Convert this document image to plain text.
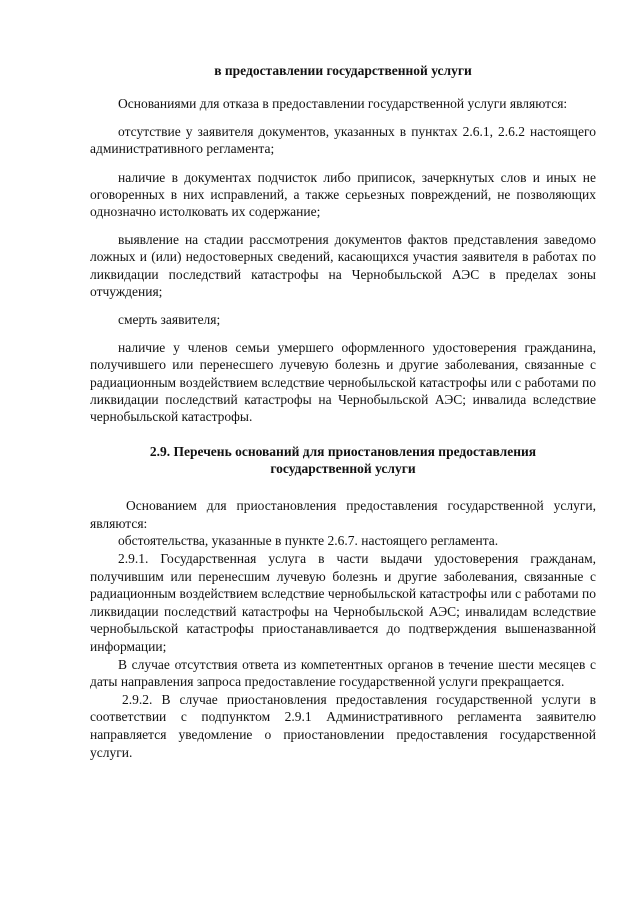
в предоставлении государственной услуги

Основаниями для отказа в предоставлении государственной услуги являются:

отсутствие у заявителя документов, указанных в пунктах 2.6.1, 2.6.2 настоящего административного регламента;

наличие в документах подчисток либо приписок, зачеркнутых слов и иных не оговоренных в них исправлений, а также серьезных повреждений, не позволяющих однозначно истолковать их содержание;

выявление на стадии рассмотрения документов фактов представления заведомо ложных и (или) недостоверных сведений, касающихся участия заявителя в работах по ликвидации последствий катастрофы на Чернобыльской АЭС в пределах зоны отчуждения;

смерть заявителя;

наличие у членов семьи умершего оформленного удостоверения гражданина, получившего или перенесшего лучевую болезнь и другие заболевания, связанные с радиационным воздействием вследствие чернобыльской катастрофы или с работами по ликвидации последствий катастрофы на Чернобыльской АЭС; инвалида вследствие чернобыльской катастрофы.

2.9. Перечень оснований для приостановления предоставления государственной услуги

Основанием для приостановления предоставления государственной услуги, являются:

обстоятельства, указанные в пункте 2.6.7. настоящего регламента.

2.9.1. Государственная услуга в части выдачи удостоверения гражданам, получившим или перенесшим лучевую болезнь и другие заболевания, связанные с радиационным воздействием вследствие чернобыльской катастрофы или с работами по ликвидации последствий катастрофы на Чернобыльской АЭС; инвалидам вследствие чернобыльской катастрофы приостанавливается до подтверждения вышеназванной информации;

В случае отсутствия ответа из компетентных органов в течение шести месяцев с даты направления запроса предоставление государственной услуги прекращается.

2.9.2. В случае приостановления предоставления государственной услуги в соответствии с подпунктом 2.9.1 Административного регламента заявителю направляется уведомление о приостановлении предоставления государственной услуги.
